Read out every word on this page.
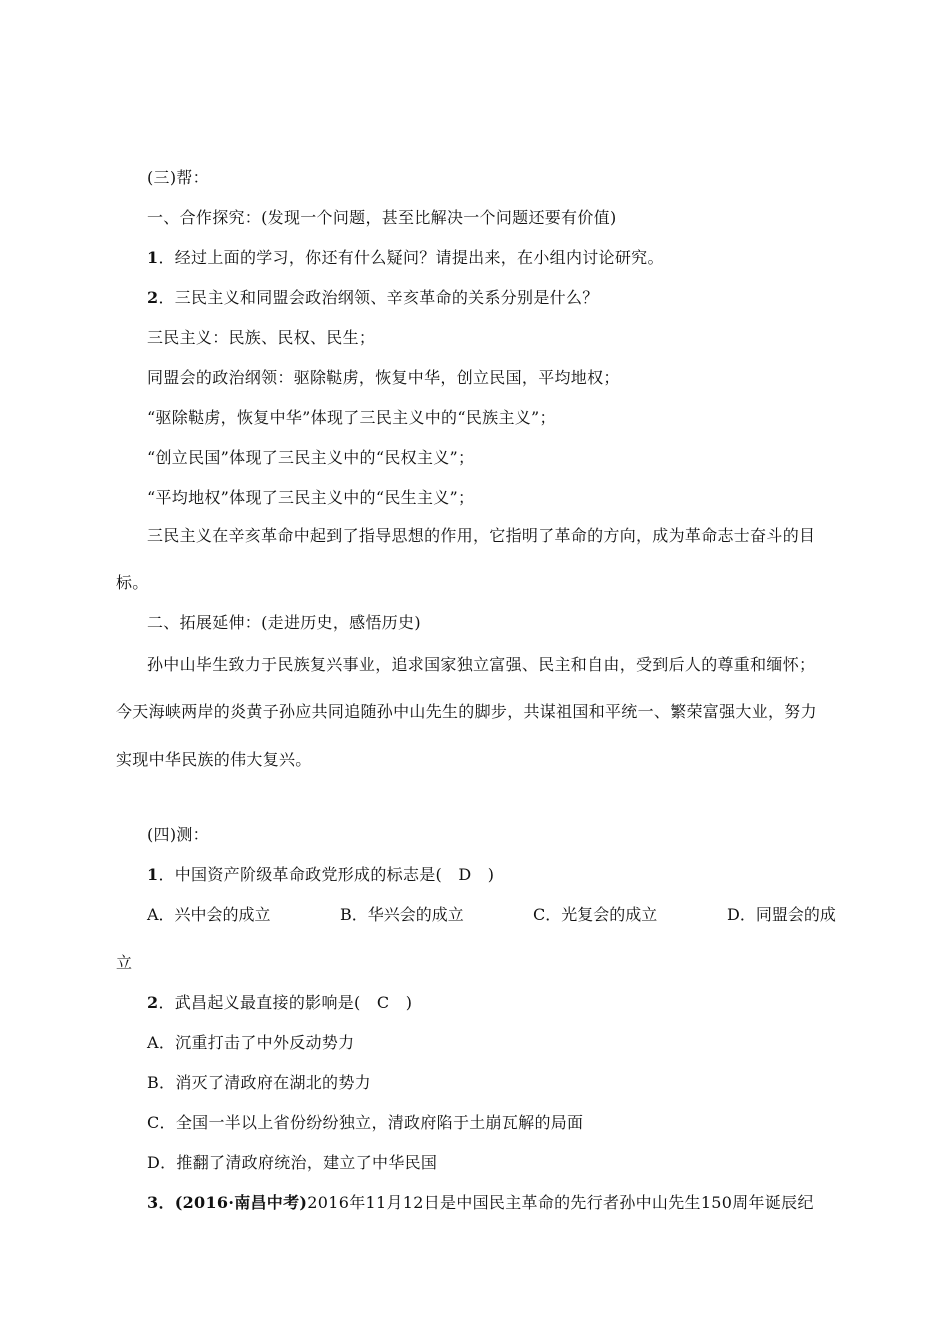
(三)帮：
一、合作探究：(发现一个问题，甚至比解决一个问题还要有价值)
1．经过上面的学习，你还有什么疑问？请提出来，在小组内讨论研究。
2．三民主义和同盟会政治纲领、辛亥革命的关系分别是什么？
三民主义：民族、民权、民生；
同盟会的政治纲领：驱除鞑虏，恢复中华，创立民国，平均地权；
“驱除鞑虏，恢复中华”体现了三民主义中的“民族主义”；
“创立民国”体现了三民主义中的“民权主义”；
“平均地权”体现了三民主义中的“民生主义”；
三民主义在辛亥革命中起到了指导思想的作用，它指明了革命的方向，成为革命志士奋斗的目
标。
二、拓展延伸：(走进历史，感悟历史)
孙中山毕生致力于民族复兴事业，追求国家独立富强、民主和自由，受到后人的尊重和缅怀；
今天海峡两岸的炎黄子孙应共同追随孙中山先生的脚步，共谋祖国和平统一、繁荣富强大业，努力
实现中华民族的伟大复兴。
(四)测：
1．中国资产阶级革命政党形成的标志是(　D　)
A．兴中会的成立	B．华兴会的成立	C．光复会的成立	D．同盟会的成
立
2．武昌起义最直接的影响是(　C　)
A．沉重打击了中外反动势力
B．消灭了清政府在湖北的势力
C．全国一半以上省份纷纷独立，清政府陷于土崩瓦解的局面
D．推翻了清政府统治，建立了中华民国
3．(2016·南昌中考)2016年11月12日是中国民主革命的先行者孙中山先生150周年诞辰纪
